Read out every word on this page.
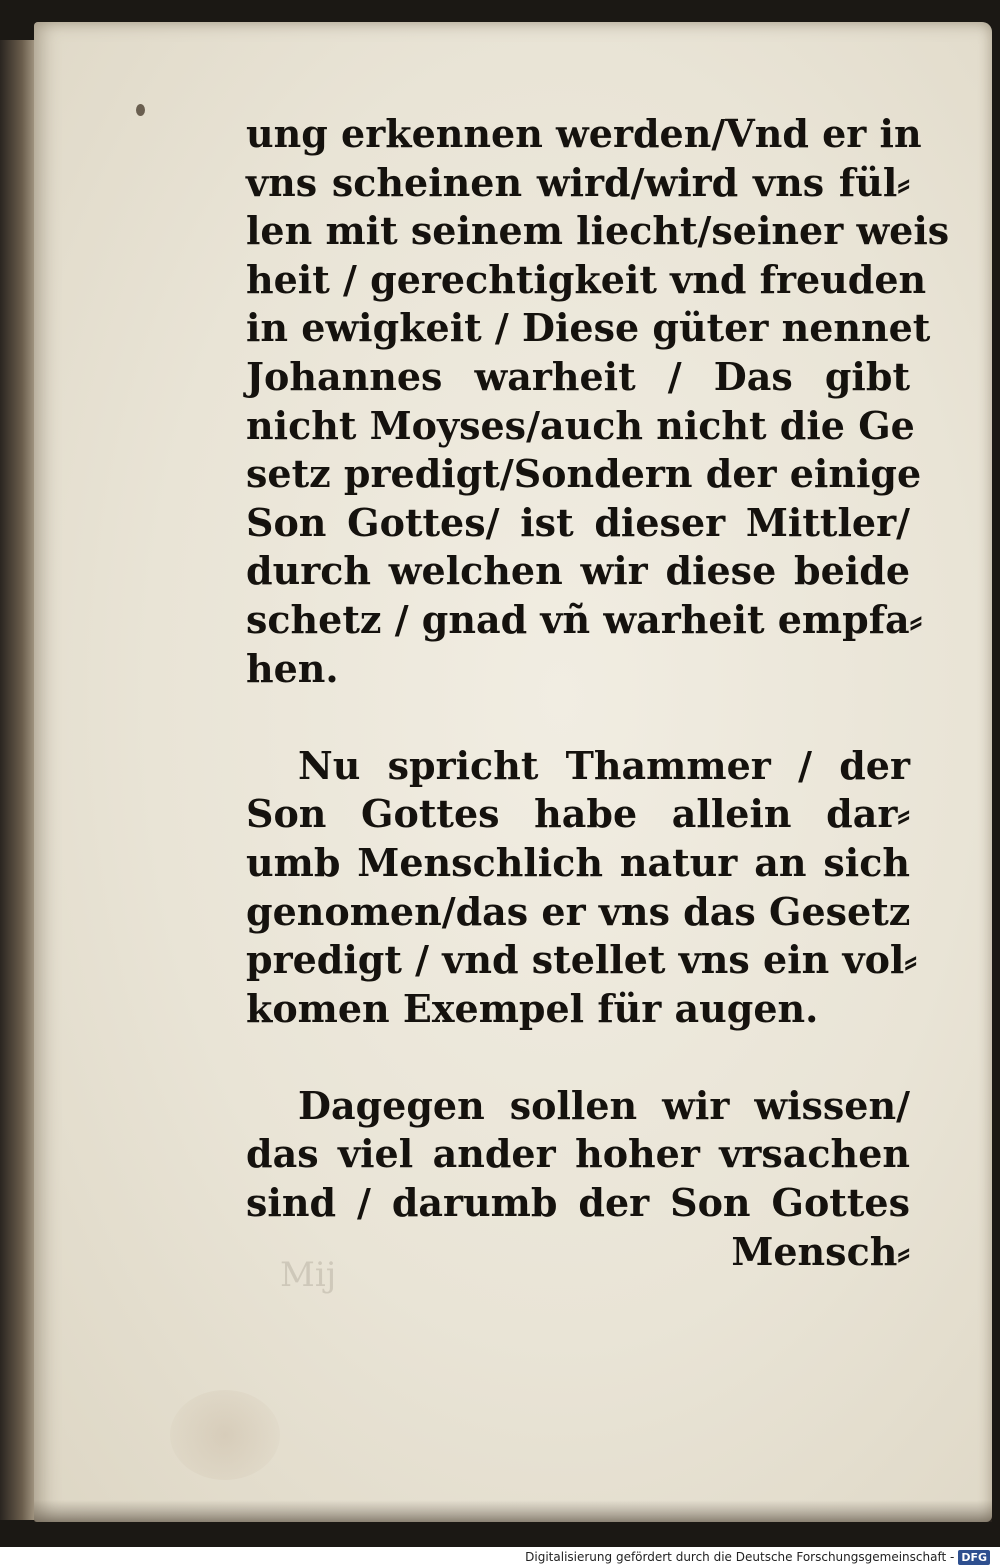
Mij
ung erkennen werden/Vnd er in
vns scheinen wird/wird vns fül⸗
len mit seinem liecht/seiner weis
heit / gerechtigkeit vnd freuden
in ewigkeit / Diese güter nennet
Johannes warheit / Das gibt
nicht Moyses/auch nicht die Ge
setz predigt/Sondern der einige
Son Gottes/ ist dieser Mittler/
durch welchen wir diese beide
schetz / gnad vñ warheit empfa⸗
hen.
Nu spricht Thammer / der
Son Gottes habe allein dar⸗
umb Menschlich natur an sich
genomen/das er vns das Gesetz
predigt / vnd stellet vns ein vol⸗
komen Exempel für augen.
Dagegen sollen wir wissen/
das viel ander hoher vrsachen
sind / darumb der Son Gottes
Mensch⸗
Digitalisierung gefördert durch die Deutsche Forschungsgemeinschaft - DFG
